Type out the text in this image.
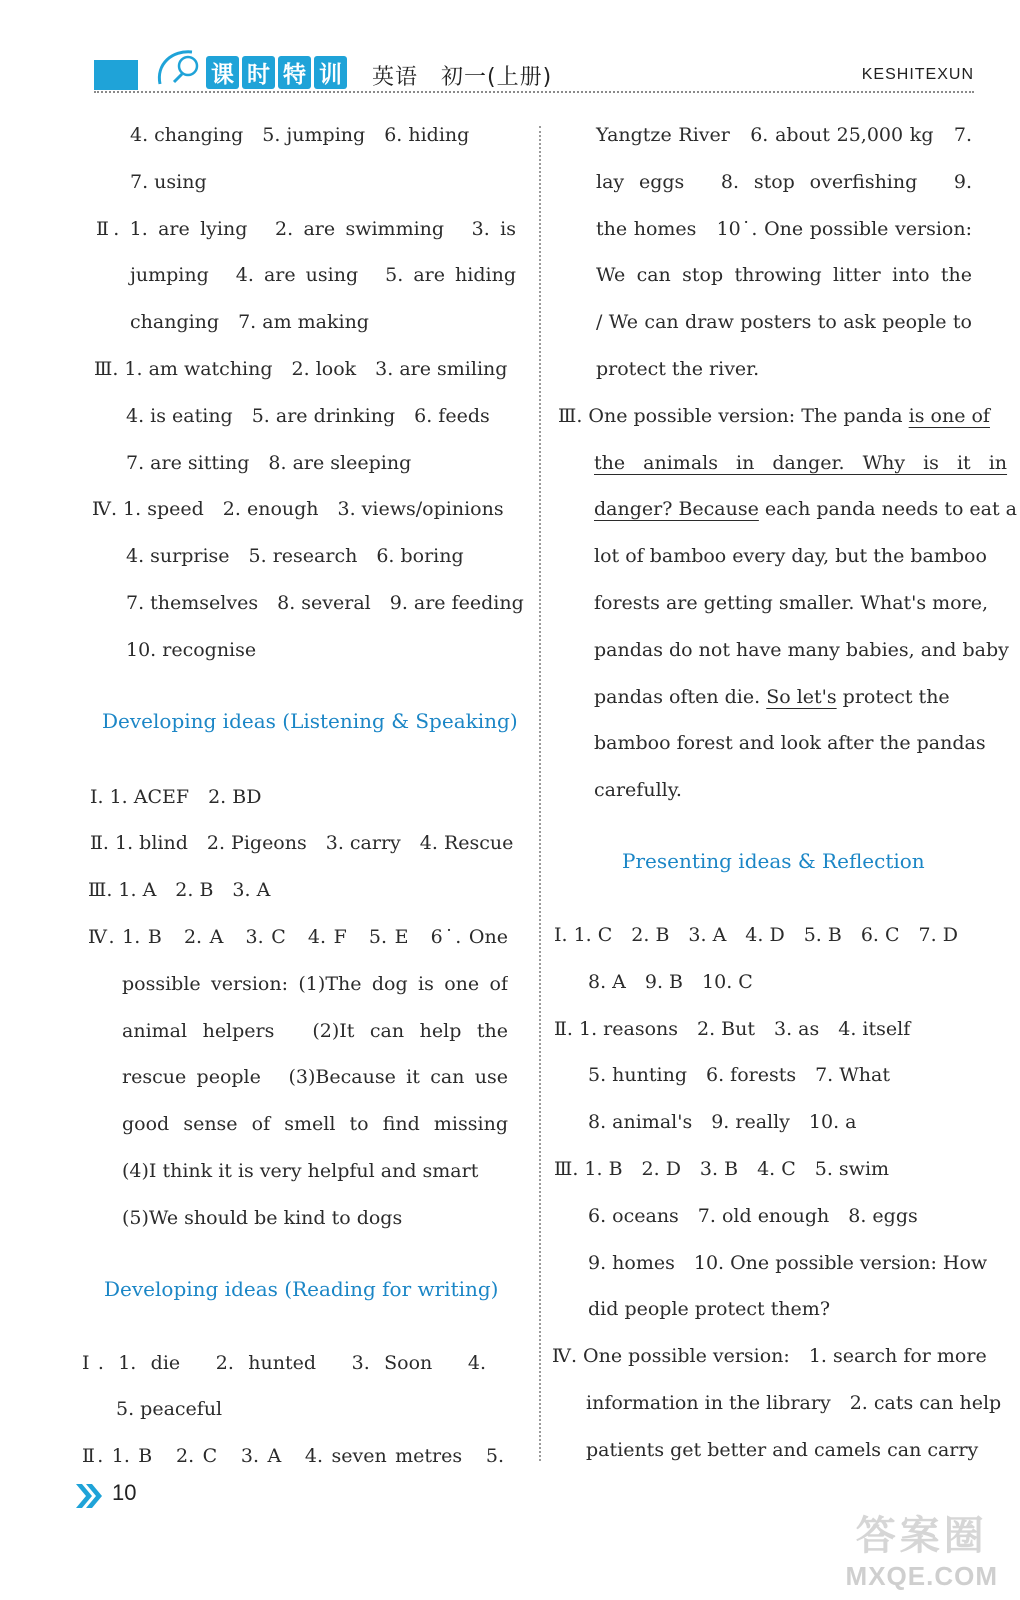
课 时 特 训 英语　初一(上册)	KESHITEXUN
4. changing　5. jumping　6. hiding
7. using
Ⅱ. 1. are lying　2. are swimming　3. is
jumping　4. are using　5. are hiding　
changing　7. am making
Ⅲ. 1. am watching　2. look　3. are smiling
4. is eating　5. are drinking　6. feeds
7. are sitting　8. are sleeping
Ⅳ. 1. speed　2. enough　3. views/opinions
4. surprise　5. research　6. boring
7. themselves　8. several　9. are feeding
10. recognise
Developing ideas (Listening & Speaking)
Ⅰ. 1. ACEF　2. BD
Ⅱ. 1. blind　2. Pigeons　3. carry　4. Rescue
Ⅲ. 1. A　2. B　3. A
Ⅳ. 1. B　2. A　3. C　4. F　5. E　6˙. One
possible version: (1)The dog is one of
animal helpers　(2)It can help the
rescue people　(3)Because it can use
good sense of smell to find missing
(4)I think it is very helpful and smart
(5)We should be kind to dogs
Developing ideas (Reading for writing)
Ⅰ. 1. die　2. hunted　3. Soon　4.
5. peaceful
Ⅱ. 1. B　2. C　3. A　4. seven metres　5.
Yangtze River　6. about 25,000 kg　7.
lay eggs　8. stop overfishing　9.
the homes　10˙. One possible version:
We can stop throwing litter into the
/ We can draw posters to ask people to
protect the river.
Ⅲ. One possible version: The panda is one of
the animals in danger. Why is it in
danger? Because each panda needs to eat a
lot of bamboo every day, but the bamboo
forests are getting smaller. What's more,
pandas do not have many babies, and baby
pandas often die. So let's protect the
bamboo forest and look after the pandas
carefully.
Presenting ideas & Reflection
Ⅰ. 1. C　2. B　3. A　4. D　5. B　6. C　7. D
8. A　9. B　10. C
Ⅱ. 1. reasons　2. But　3. as　4. itself
5. hunting　6. forests　7. What
8. animal's　9. really　10. a
Ⅲ. 1. B　2. D　3. B　4. C　5. swim
6. oceans　7. old enough　8. eggs
9. homes　10. One possible version: How
did people protect them?
Ⅳ. One possible version:　1. search for more
information in the library　2. cats can help
patients get better and camels can carry
10
答案圈
MXQE.COM
